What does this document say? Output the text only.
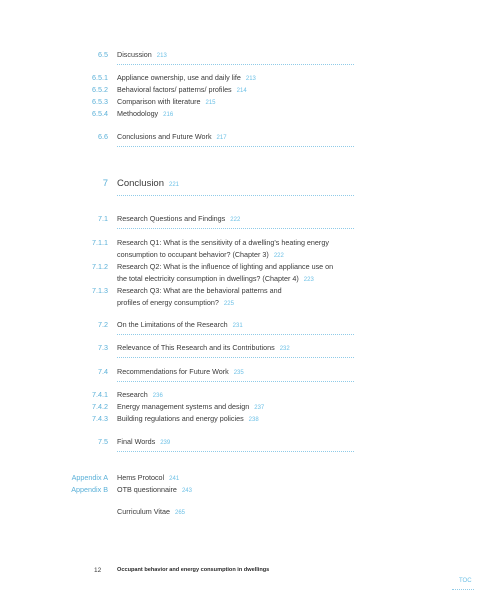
6.5 Discussion 213
6.5.1 Appliance ownership, use and daily life 213
6.5.2 Behavioral factors/ patterns/ profiles 214
6.5.3 Comparison with literature 215
6.5.4 Methodology 216
6.6 Conclusions and Future Work 217
7 Conclusion 221
7.1 Research Questions and Findings 222
7.1.1 Research Q1: What is the sensitivity of a dwelling's heating energy
consumption to occupant behavior? (Chapter 3) 222
7.1.2 Research Q2: What is the influence of lighting and appliance use on
the total electricity consumption in dwellings? (Chapter 4) 223
7.1.3 Research Q3: What are the behavioral patterns and
profiles of energy consumption? 225
7.2 On the Limitations of the Research 231
7.3 Relevance of This Research and its Contributions 232
7.4 Recommendations for Future Work 235
7.4.1 Research 236
7.4.2 Energy management systems and design 237
7.4.3 Building regulations and energy policies 238
7.5 Final Words 239
Appendix A Hems Protocol 241
Appendix B OTB questionnaire 243
Curriculum Vitae 265
12	Occupant behavior and energy consumption in dwellings
TOC
